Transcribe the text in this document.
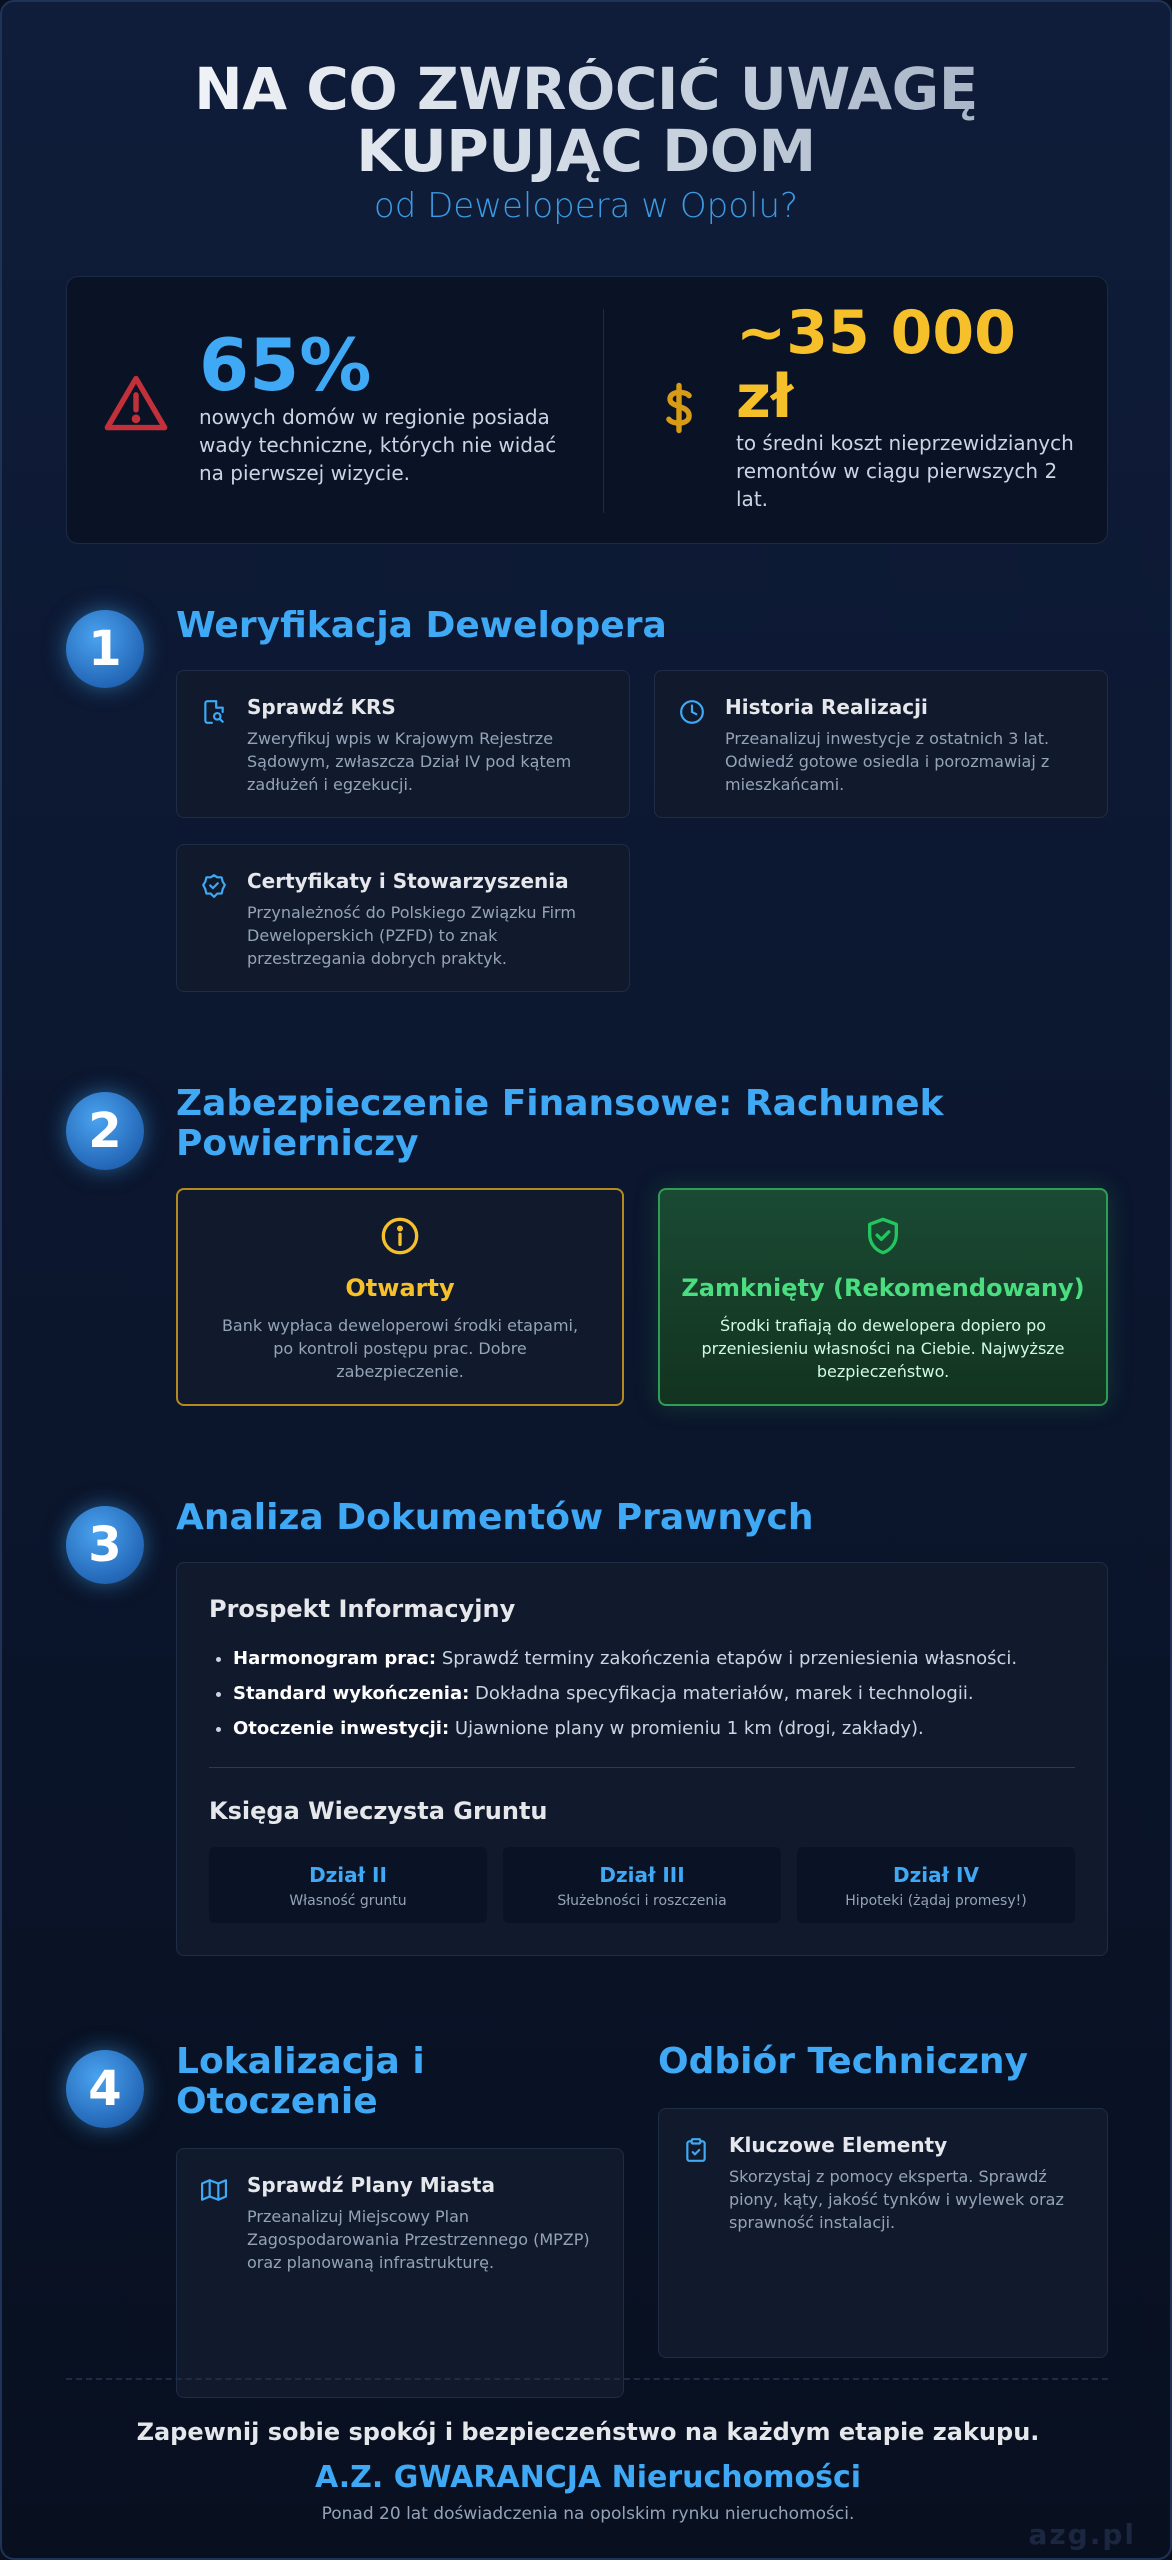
NA CO ZWRÓCIĆ UWAGĘ KUPUJĄC DOM
od Dewelopera w Opolu?
65%
nowych domów w regionie posiada wady techniczne, których nie widać na pierwszej wizycie.
~35 000 zł
to średni koszt nieprzewidzianych remontów w ciągu pierwszych 2 lat.
1	Weryfikacja Dewelopera
Sprawdź KRS
Zweryfikuj wpis w Krajowym Rejestrze Sądowym, zwłaszcza Dział IV pod kątem zadłużeń i egzekucji.
Historia Realizacji
Przeanalizuj inwestycje z ostatnich 3 lat. Odwiedź gotowe osiedla i porozmawiaj z mieszkańcami.
Certyfikaty i Stowarzyszenia
Przynależność do Polskiego Związku Firm Deweloperskich (PZFD) to znak przestrzegania dobrych praktyk.
2	Zabezpieczenie Finansowe: Rachunek Powierniczy
Otwarty
Bank wypłaca deweloperowi środki etapami, po kontroli postępu prac. Dobre zabezpieczenie.
Zamknięty (Rekomendowany)
Środki trafiają do dewelopera dopiero po przeniesieniu własności na Ciebie. Najwyższe bezpieczeństwo.
3	Analiza Dokumentów Prawnych
Prospekt Informacyjny
• Harmonogram prac: Sprawdź terminy zakończenia etapów i przeniesienia własności.
• Standard wykończenia: Dokładna specyfikacja materiałów, marek i technologii.
• Otoczenie inwestycji: Ujawnione plany w promieniu 1 km (drogi, zakłady).
Księga Wieczysta Gruntu
Dział II
Własność gruntu
Dział III
Służebności i roszczenia
Dział IV
Hipoteki (żądaj promesy!)
4	Lokalizacja i Otoczenie
Sprawdź Plany Miasta
Przeanalizuj Miejscowy Plan Zagospodarowania Przestrzennego (MPZP) oraz planowaną infrastrukturę.
Odbiór Techniczny
Kluczowe Elementy
Skorzystaj z pomocy eksperta. Sprawdź piony, kąty, jakość tynków i wylewek oraz sprawność instalacji.
Zapewnij sobie spokój i bezpieczeństwo na każdym etapie zakupu.
A.Z. GWARANCJA Nieruchomości
Ponad 20 lat doświadczenia na opolskim rynku nieruchomości.
azg.pl
